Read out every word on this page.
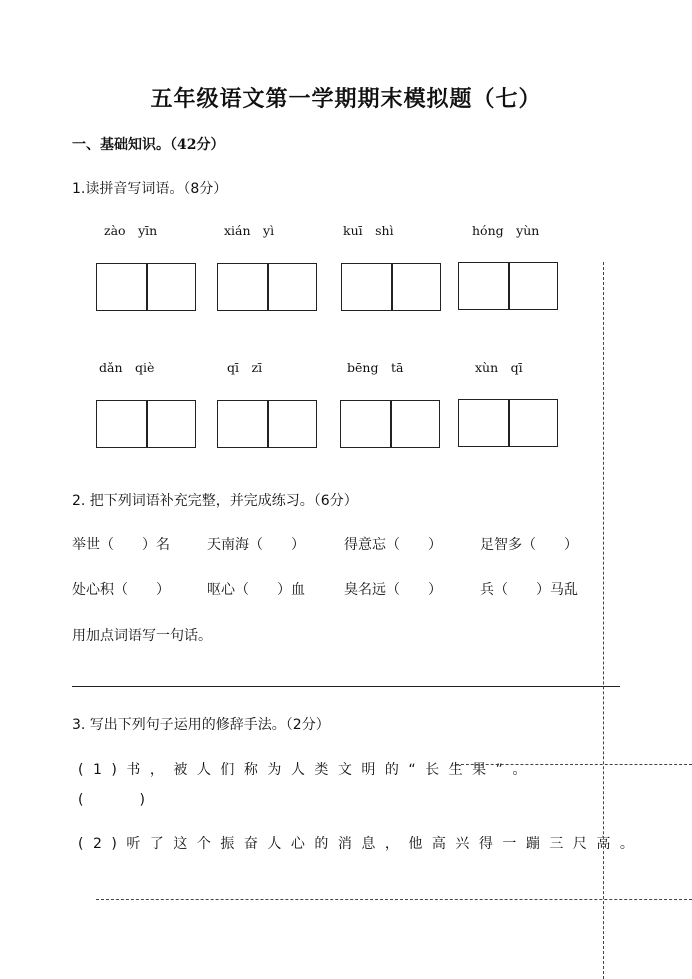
五年级语文第一学期期末模拟题（七）
一、基础知识。（42分）
1.读拼音写词语。（8分）
zào　yīn	xián　yì	kuī　shì	hóng　yùn
dǎn　qiè	qī　zī	bēng　tā	xùn　qī
2. 把下列词语补充完整，并完成练习。（6分）
举世（　　）名	天南海（　　）	得意忘（　　）	足智多（　　）
处心积（　　）	呕心（　　）血	臭名远（　　）	兵（　　）马乱
用加点词语写一句话。
3. 写出下列句子运用的修辞手法。（2分）
(1)书，被人们称为人类文明的“长生果”。
(　　　　)
(2)听了这个振奋人心的消息，他高兴得一蹦三尺高。
